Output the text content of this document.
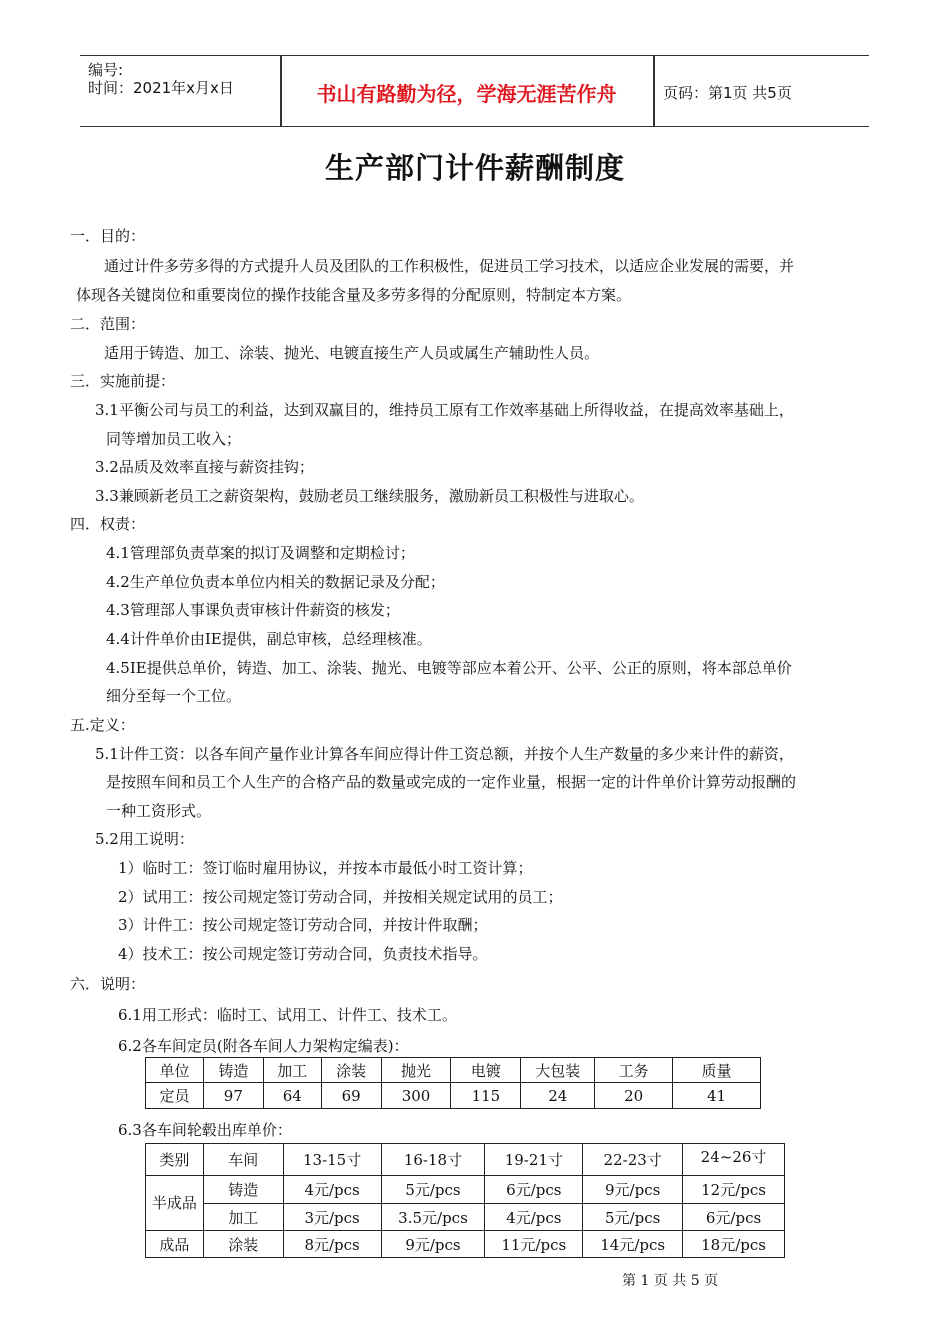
编号:
时间：2021年x月x日	书山有路勤为径，学海无涯苦作舟	页码：第1页 共5页
生产部门计件薪酬制度
一．目的：
通过计件多劳多得的方式提升人员及团队的工作积极性，促进员工学习技术，以适应企业发展的需要，并
体现各关键岗位和重要岗位的操作技能含量及多劳多得的分配原则，特制定本方案。
二．范围：
适用于铸造、加工、涂装、抛光、电镀直接生产人员或属生产辅助性人员。
三．实施前提：
3.1平衡公司与员工的利益，达到双赢目的，维持员工原有工作效率基础上所得收益，在提高效率基础上，
同等增加员工收入；
3.2品质及效率直接与薪资挂钩；
3.3兼顾新老员工之薪资架构，鼓励老员工继续服务，激励新员工积极性与进取心。
四．权责：
4.1管理部负责草案的拟订及调整和定期检讨；
4.2生产单位负责本单位内相关的数据记录及分配；
4.3管理部人事课负责审核计件薪资的核发；
4.4计件单价由IE提供，副总审核，总经理核准。
4.5IE提供总单价，铸造、加工、涂装、抛光、电镀等部应本着公开、公平、公正的原则，将本部总单价
细分至每一个工位。
五.定义：
5.1计件工资：以各车间产量作业计算各车间应得计件工资总额，并按个人生产数量的多少来计件的薪资，
是按照车间和员工个人生产的合格产品的数量或完成的一定作业量，根据一定的计件单价计算劳动报酬的
一种工资形式。
5.2用工说明：
1）临时工：签订临时雇用协议，并按本市最低小时工资计算；
2）试用工：按公司规定签订劳动合同，并按相关规定试用的员工；
3）计件工：按公司规定签订劳动合同，并按计件取酬；
4）技术工：按公司规定签订劳动合同，负责技术指导。
六．说明：
6.1用工形式：临时工、试用工、计件工、技术工。
6.2各车间定员(附各车间人力架构定编表)：
单位	铸造	加工	涂装	抛光	电镀	大包装	工务	质量
定员	97	64	69	300	115	24	20	41
6.3各车间轮毂出库单价：
类别	车间	13-15寸	16-18寸	19-21寸	22-23寸	24~26寸
半成品	铸造	4元/pcs	5元/pcs	6元/pcs	9元/pcs	12元/pcs
	加工	3元/pcs	3.5元/pcs	4元/pcs	5元/pcs	6元/pcs
成品	涂装	8元/pcs	9元/pcs	11元/pcs	14元/pcs	18元/pcs
第 1 页 共 5 页
